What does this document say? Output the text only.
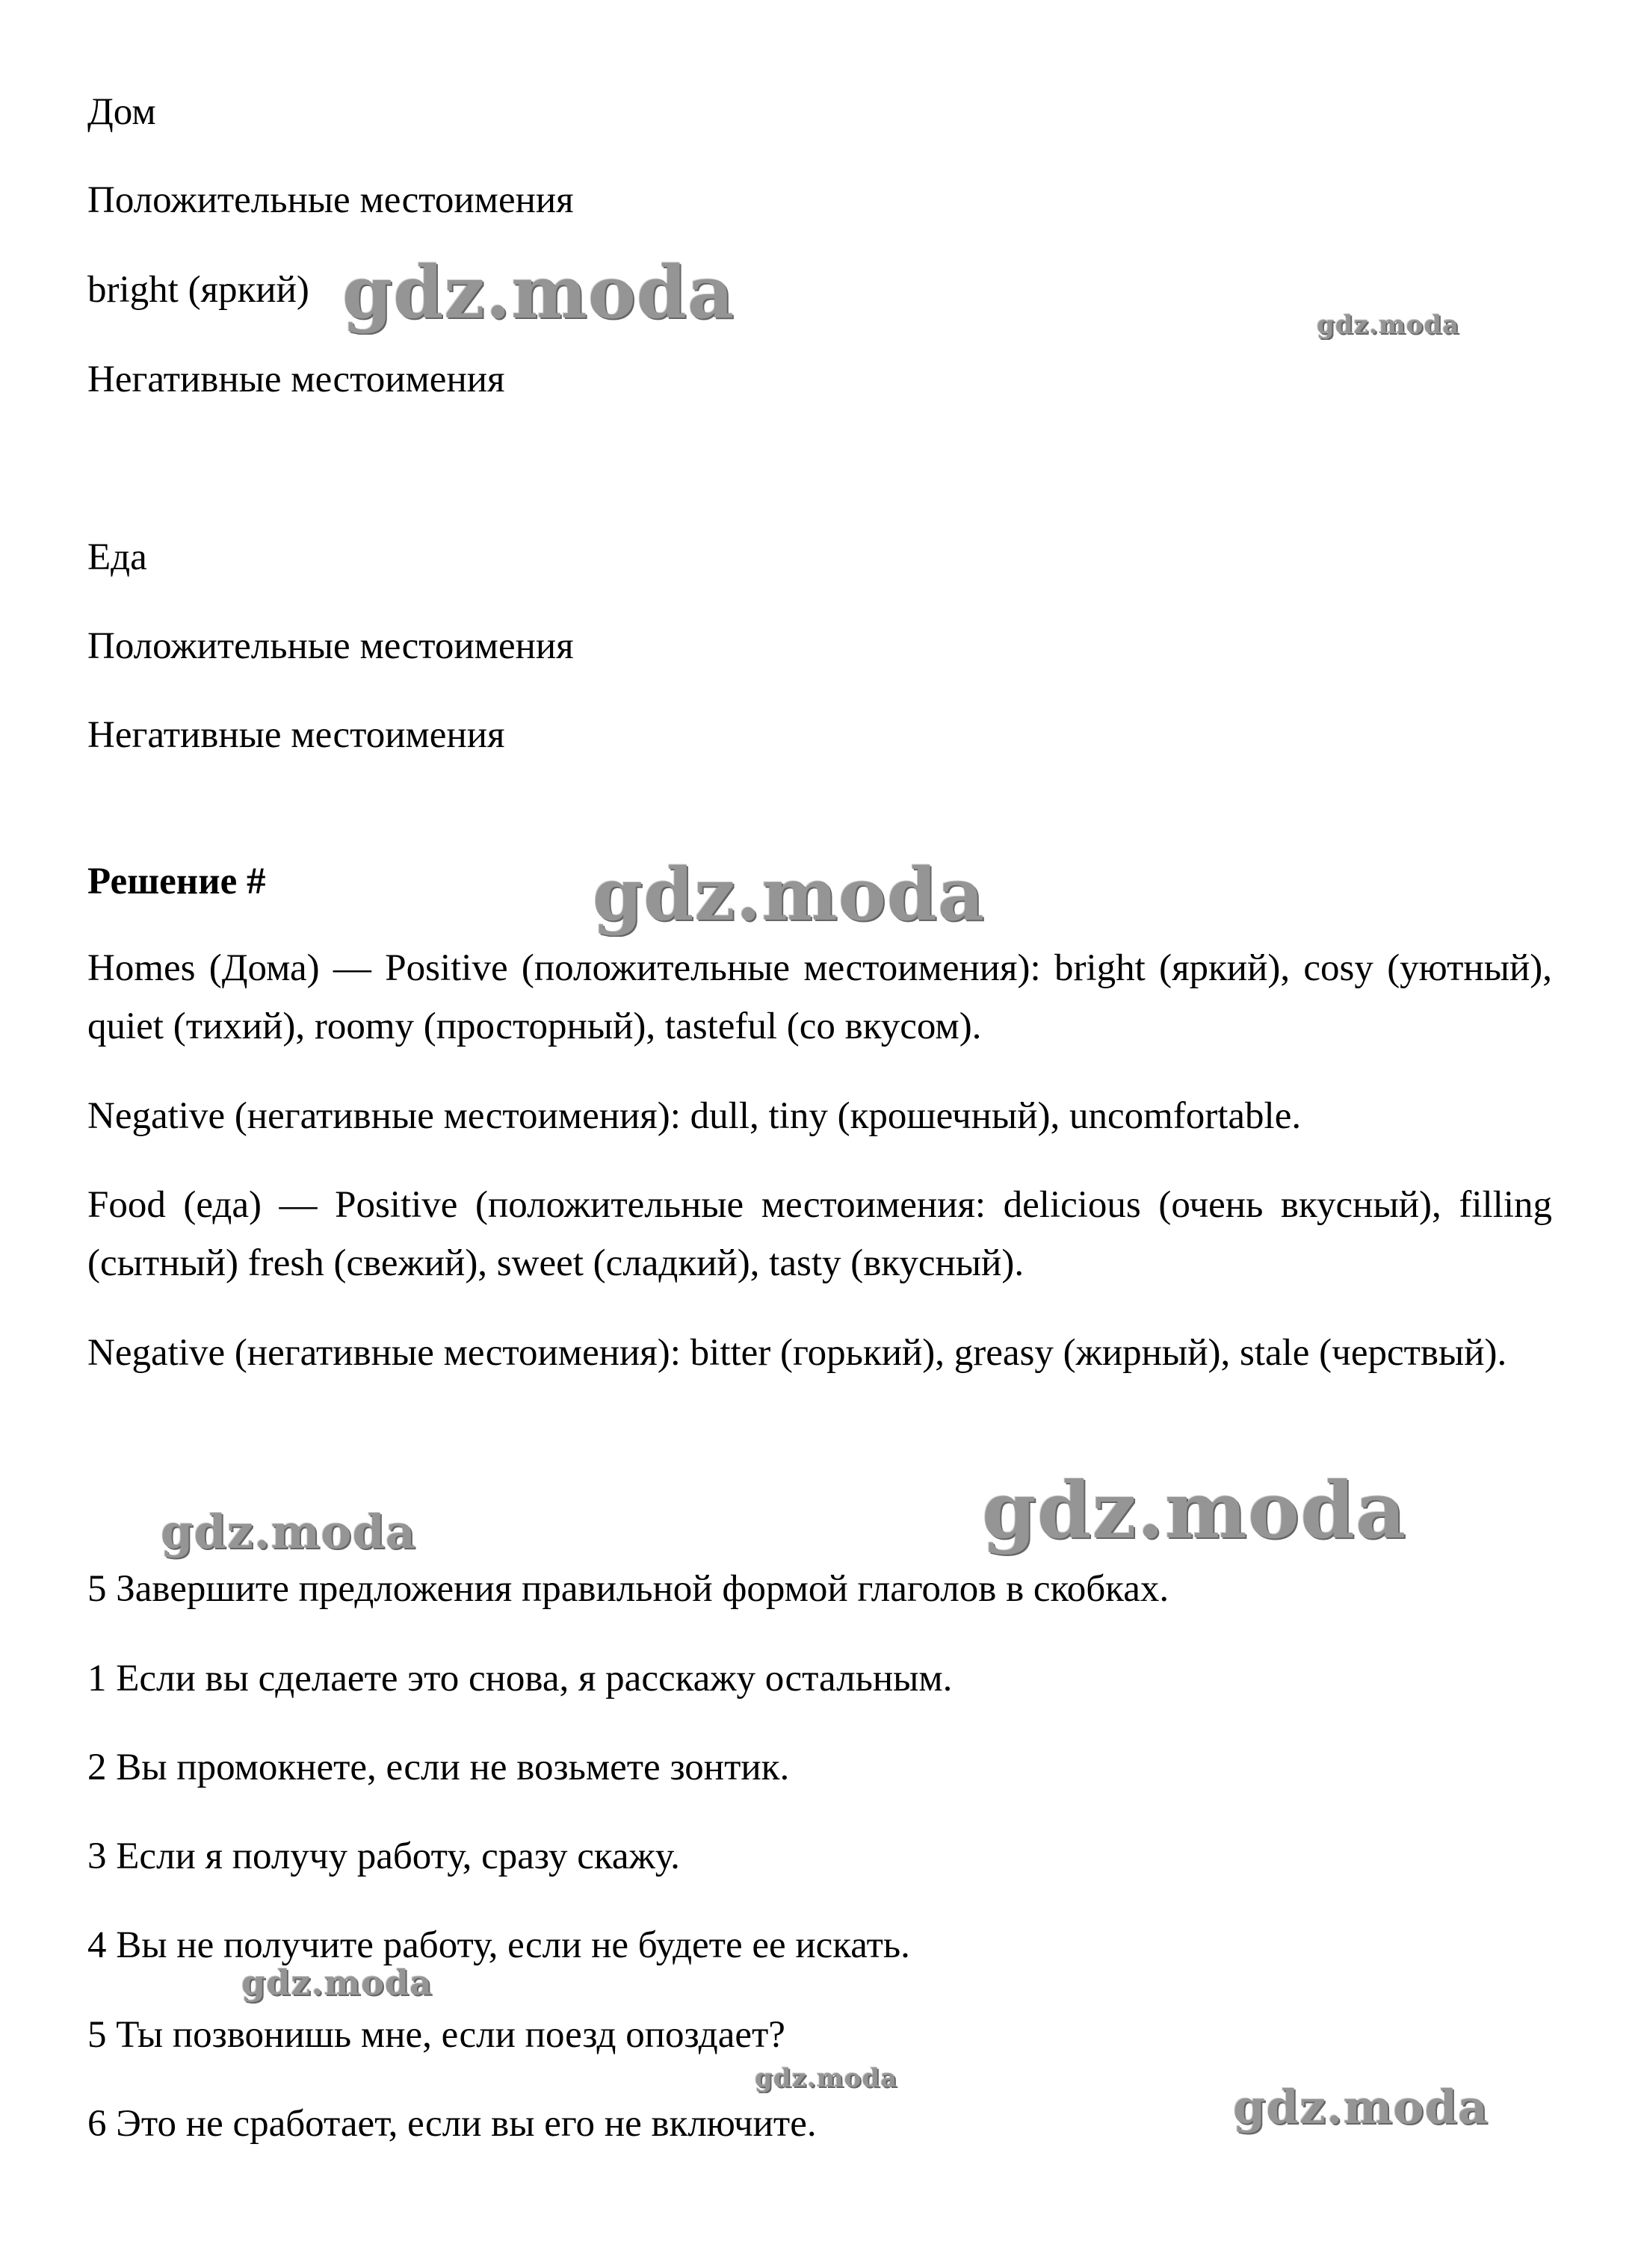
Дом

Положительные местоимения

bright (яркий)

Негативные местоимения

Еда

Положительные местоимения

Негативные местоимения

Решение #

Homes (Дома) — Positive (положительные местоимения): bright (яркий), cosy (уютный), quiet (тихий), roomy (просторный), tasteful (со вкусом).

Negative (негативные местоимения): dull, tiny (крошечный), uncomfortable.

Food (еда) — Positive (положительные местоимения: delicious (очень вкусный), filling (сытный) fresh (свежий), sweet (сладкий), tasty (вкусный).

Negative (негативные местоимения): bitter (горький), greasy (жирный), stale (черствый).

5 Завершите предложения правильной формой глаголов в скобках.

1 Если вы сделаете это снова, я расскажу остальным.

2 Вы промокнете, если не возьмете зонтик.

3 Если я получу работу, сразу скажу.

4 Вы не получите работу, если не будете ее искать.

5 Ты позвонишь мне, если поезд опоздает?

6 Это не сработает, если вы его не включите.

gdz.moda	gdz.moda
gdz.moda
gdz.moda
gdz.moda
gdz.moda
gdz.moda
gdz.moda
